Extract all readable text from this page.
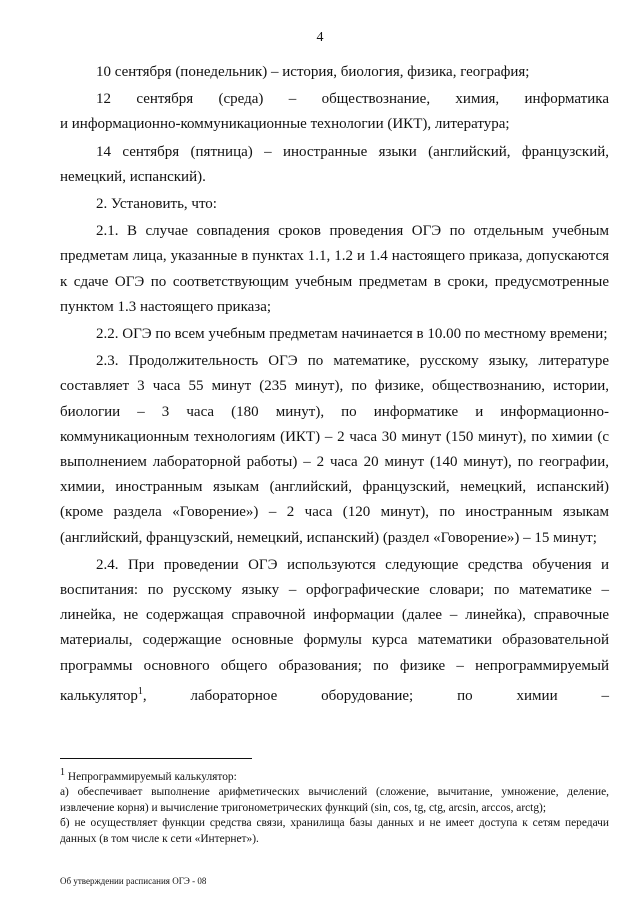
4

10 сентября (понедельник) – история, биология, физика, география;

12 сентября (среда) – обществознание, химия, информатика
и информационно-коммуникационные технологии (ИКТ), литература;

14 сентября (пятница) – иностранные языки (английский, французский, немецкий, испанский).

2. Установить, что:

2.1. В случае совпадения сроков проведения ОГЭ по отдельным учебным предметам лица, указанные в пунктах 1.1, 1.2 и 1.4 настоящего приказа, допускаются к сдаче ОГЭ по соответствующим учебным предметам в сроки, предусмотренные пунктом 1.3 настоящего приказа;

2.2. ОГЭ по всем учебным предметам начинается в 10.00 по местному времени;

2.3. Продолжительность ОГЭ по математике, русскому языку, литературе составляет 3 часа 55 минут (235 минут), по физике, обществознанию, истории, биологии – 3 часа (180 минут), по информатике и информационно-коммуникационным технологиям (ИКТ) – 2 часа 30 минут (150 минут), по химии (с выполнением лабораторной работы) – 2 часа 20 минут (140 минут), по географии, химии, иностранным языкам (английский, французский, немецкий, испанский) (кроме раздела «Говорение») – 2 часа (120 минут), по иностранным языкам (английский, французский, немецкий, испанский) (раздел «Говорение») – 15 минут;

2.4. При проведении ОГЭ используются следующие средства обучения и воспитания: по русскому языку – орфографические словари; по математике – линейка, не содержащая справочной информации (далее – линейка), справочные материалы, содержащие основные формулы курса математики образовательной программы основного общего образования; по физике – непрограммируемый калькулятор$^1$, лабораторное оборудование; по химии –

$^1$ Непрограммируемый калькулятор:

а) обеспечивает выполнение арифметических вычислений (сложение, вычитание, умножение, деление, извлечение корня) и вычисление тригонометрических функций (sin, cos, tg, ctg, arcsin, arccos, arctg);

б) не осуществляет функции средства связи, хранилища базы данных и не имеет доступа к сетям передачи данных (в том числе к сети «Интернет»).

Об утверждении расписания ОГЭ - 08
